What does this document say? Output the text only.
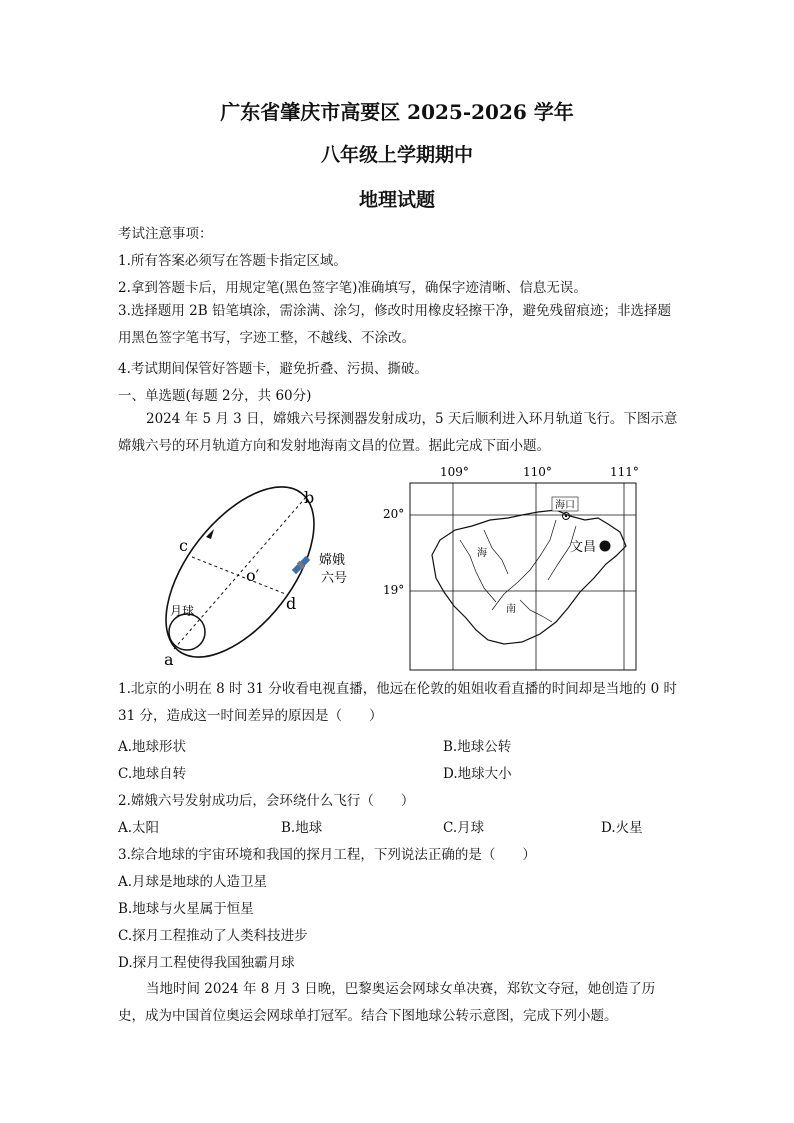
广东省肇庆市高要区 2025-2026 学年
八年级上学期期中
地理试题
考试注意事项：
1.所有答案必须写在答题卡指定区域。
2.拿到答题卡后，用规定笔(黑色签字笔)准确填写，确保字迹清晰、信息无误。
3.选择题用 2B 铅笔填涂，需涂满、涂匀，修改时用橡皮轻擦干净，避免残留痕迹；非选择题用黑色签字笔书写，字迹工整，不越线、不涂改。
4.考试期间保管好答题卡，避免折叠、污损、撕破。
一、单选题(每题 2分，共 60分)
2024 年 5 月 3 日，嫦娥六号探测器发射成功，5 天后顺利进入环月轨道飞行。下图示意嫦娥六号的环月轨道方向和发射地海南文昌的位置。据此完成下面小题。
a
b
c
d
o′
月球
嫦娥
六号
109°	110°	111°
20°
19°
海口
文昌
海
南
1.北京的小明在 8 时 31 分收看电视直播，他远在伦敦的姐姐收看直播的时间却是当地的 0 时 31 分，造成这一时间差异的原因是（　　）
A.地球形状	B.地球公转
C.地球自转	D.地球大小
2.嫦娥六号发射成功后，会环绕什么飞行（　　）
A.太阳	B.地球	C.月球	D.火星
3.综合地球的宇宙环境和我国的探月工程，下列说法正确的是（　　）
A.月球是地球的人造卫星
B.地球与火星属于恒星
C.探月工程推动了人类科技进步
D.探月工程使得我国独霸月球
当地时间 2024 年 8 月 3 日晚，巴黎奥运会网球女单决赛，郑钦文夺冠，她创造了历史，成为中国首位奥运会网球单打冠军。结合下图地球公转示意图，完成下列小题。
